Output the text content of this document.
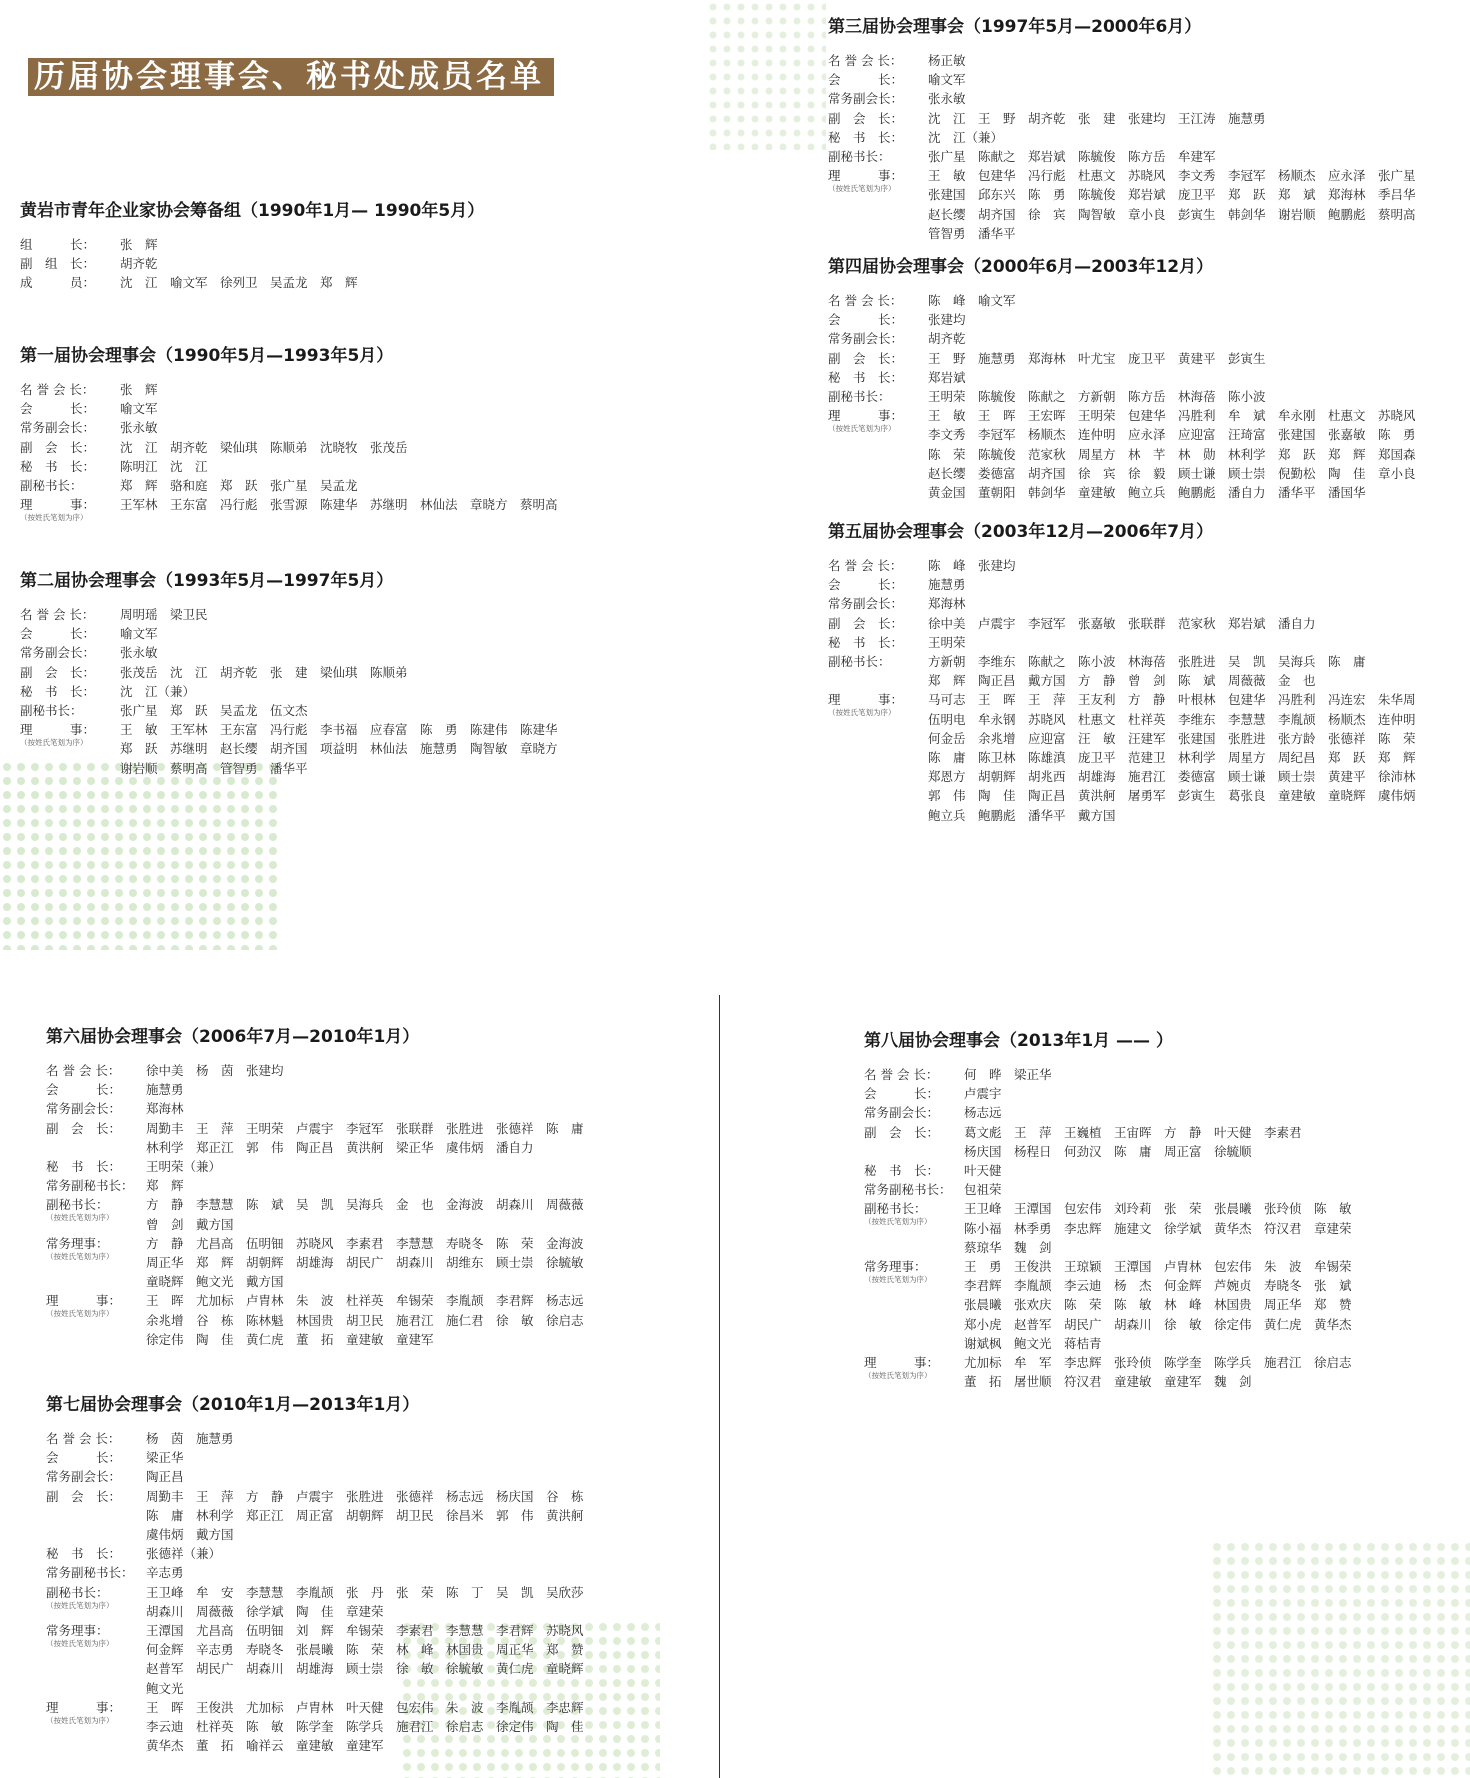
历届协会理事会、秘书处成员名单
黄岩市青年企业家协会筹备组（1990年1月— 1990年5月）
组　　　长：	张　辉
副　组　长：	胡齐乾
成　　　员：	沈　江　喻文军　徐列卫　吴孟龙　郑　辉
第一届协会理事会（1990年5月—1993年5月）
名 誉 会 长：	张　辉
会　　　长：	喻文军
常务副会长：	张永敏
副　会　长：	沈　江　胡齐乾　梁仙琪　陈顺弟　沈晓牧　张茂岳
秘　书　长：	陈明江　沈　江
副秘书长：	郑　辉　骆和庭　郑　跃　张广星　吴孟龙
理　　　事：
（按姓氏笔划为序）
王军林　王东富　冯行彪　张雪源　陈建华　苏继明　林仙法　章晓方　蔡明高
第二届协会理事会（1993年5月—1997年5月）
名 誉 会 长：	周明瑶　梁卫民
会　　　长：	喻文军
常务副会长：	张永敏
副　会　长：	张茂岳　沈　江　胡齐乾　张　建　梁仙琪　陈顺弟
秘　书　长：	沈　江（兼）
副秘书长：	张广星　郑　跃　吴孟龙　伍文杰
理　　　事：
（按姓氏笔划为序）
王　敏　王军林　王东富　冯行彪　李书福　应春富　陈　勇　陈建伟　陈建华
郑　跃　苏继明　赵长缨　胡齐国　项益明　林仙法　施慧勇　陶智敏　章晓方
谢岩顺　蔡明高　管智勇　潘华平
第三届协会理事会（1997年5月—2000年6月）
名 誉 会 长：	杨正敏
会　　　长：	喻文军
常务副会长：	张永敏
副　会　长：	沈　江　王　野　胡齐乾　张　建　张建均　王江涛　施慧勇
秘　书　长：	沈　江（兼）
副秘书长：	张广星　陈献之　郑岩斌　陈毓俊　陈方岳　牟建军
理　　　事：
（按姓氏笔划为序）
王　敏　包建华　冯行彪　杜惠文　苏晓风　李文秀　李冠军　杨顺杰　应永泽　张广星
张建国　邱东兴　陈　勇　陈毓俊　郑岩斌　庞卫平　郑　跃　郑　斌　郑海林　季吕华
赵长缨　胡齐国　徐　宾　陶智敏　章小良　彭寅生　韩剑华　谢岩顺　鲍鹏彪　蔡明高
管智勇　潘华平
第四届协会理事会（2000年6月—2003年12月）
名 誉 会 长：	陈　峰　喻文军
会　　　长：	张建均
常务副会长：	胡齐乾
副　会　长：	王　野　施慧勇　郑海林　叶尤宝　庞卫平　黄建平　彭寅生
秘　书　长：	郑岩斌
副秘书长：	王明荣　陈毓俊　陈献之　方新朝　陈方岳　林海蓓　陈小波
理　　　事：
（按姓氏笔划为序）
王　敏　王　晖　王宏晖　王明荣　包建华　冯胜利　牟　斌　牟永刚　杜惠文　苏晓风
李文秀　李冠军　杨顺杰　连仲明　应永泽　应迎富　汪琦富　张建国　张嘉敏　陈　勇
陈　荣　陈毓俊　范家秋　周星方　林　芊　林　勋　林利学　郑　跃　郑　辉　郑国森
赵长缨　娄德富　胡齐国　徐　宾　徐　毅　顾士谦　顾士崇　倪勤松　陶　佳　章小良
黄金国　董朝阳　韩剑华　童建敏　鲍立兵　鲍鹏彪　潘自力　潘华平　潘国华
第五届协会理事会（2003年12月—2006年7月）
名 誉 会 长：	陈　峰　张建均
会　　　长：	施慧勇
常务副会长：	郑海林
副　会　长：	徐中美　卢震宇　李冠军　张嘉敏　张联群　范家秋　郑岩斌　潘自力
秘　书　长：	王明荣
副秘书长：	方新朝　李维东　陈献之　陈小波　林海蓓　张胜进　吴　凯　吴海兵　陈　庸
郑　辉　陶正昌　戴方国　方　静　曾　剑　陈　斌　周薇薇　金　也
理　　　事：
（按姓氏笔划为序）
马可志　王　晖　王　萍　王友利　方　静　叶根林　包建华　冯胜利　冯连宏　朱华周
伍明电　牟永钢　苏晓风　杜惠文　杜祥英　李维东　李慧慧　李胤颉　杨顺杰　连仲明
何金岳　余兆增　应迎富　汪　敏　汪建军　张建国　张胜进　张方龄　张德祥　陈　荣
陈　庸　陈卫林　陈雄滇　庞卫平　范建卫　林利学　周星方　周纪昌　郑　跃　郑　辉
郑恩方　胡朝辉　胡兆西　胡雄海　施君江　娄德富　顾士谦　顾士崇　黄建平　徐沛林
郭　伟　陶　佳　陶正昌　黄洪舸　屠勇军　彭寅生　葛张良　童建敏　童晓辉　虞伟炳
鲍立兵　鲍鹏彪　潘华平　戴方国
第六届协会理事会（2006年7月—2010年1月）
名 誉 会 长：	徐中美　杨　茵　张建均
会　　　长：	施慧勇
常务副会长：	郑海林
副　会　长：	周勤丰　王　萍　王明荣　卢震宇　李冠军　张联群　张胜进　张德祥　陈　庸
林利学　郑正江　郭　伟　陶正昌　黄洪舸　梁正华　虞伟炳　潘自力
秘　书　长：	王明荣（兼）
常务副秘书长： 郑　辉
副秘书长：
（按姓氏笔划为序）
方　静　李慧慧　陈　斌　吴　凯　吴海兵　金　也　金海波　胡森川　周薇薇
曾　剑　戴方国
常务理事：
（按姓氏笔划为序）
方　静　尤昌高　伍明钿　苏晓风　李素君　李慧慧　寿晓冬　陈　荣　金海波
周正华　郑　辉　胡朝辉　胡雄海　胡民广　胡森川　胡维东　顾士崇　徐毓敏
童晓辉　鲍文光　戴方国
理　　　事：
（按姓氏笔划为序）
王　晖　尤加标　卢胄林　朱　波　杜祥英　牟锡荣　李胤颉　李君辉　杨志远
余兆增　谷　栋　陈林魁　林国贵　胡卫民　施君江　施仁君　徐　敏　徐启志
徐定伟　陶　佳　黄仁虎　董　拓　童建敏　童建军
第七届协会理事会（2010年1月—2013年1月）
名 誉 会 长：	杨　茵　施慧勇
会　　　长：	梁正华
常务副会长：	陶正昌
副　会　长：	周勤丰　王　萍　方　静　卢震宇　张胜进　张德祥　杨志远　杨庆国　谷　栋
陈　庸　林利学　郑正江　周正富　胡朝辉　胡卫民　徐昌米　郭　伟　黄洪舸
虞伟炳　戴方国
秘　书　长：	张德祥（兼）
常务副秘书长： 辛志勇
副秘书长：
（按姓氏笔划为序）
王卫峰　牟　安　李慧慧　李胤颉　张　丹　张　荣　陈　丁　吴　凯　吴欣莎
胡森川　周薇薇　徐学斌　陶　佳　章建荣
常务理事：
（按姓氏笔划为序）
王潭国　尤昌高　伍明钿　刘　辉　牟锡荣　李素君　李慧慧　李君辉　苏晓风
何金辉　辛志勇　寿晓冬　张晨曦　陈　荣　林　峰　林国贵　周正华　郑　赞
赵普军　胡民广　胡森川　胡雄海　顾士崇　徐　敏　徐毓敏　黄仁虎　童晓辉
鲍文光
理　　　事：
（按姓氏笔划为序）
王　晖　王俊洪　尤加标　卢胄林　叶天健　包宏伟　朱　波　李胤颉　李忠辉
李云迪　杜祥英　陈　敏　陈学奎　陈学兵　施君江　徐启志　徐定伟　陶　佳
黄华杰　董　拓　喻祥云　童建敏　童建军
第八届协会理事会（2013年1月 —— ）
名 誉 会 长：	何　晔　梁正华
会　　　长：	卢震宇
常务副会长：	杨志远
副　会　长：	葛文彪　王　萍　王巍植　王宙晖　方　静　叶天健　李素君
杨庆国　杨程日　何劲汉　陈　庸　周正富　徐毓顺
秘　书　长：	叶天健
常务副秘书长： 包祖荣
副秘书长：
（按姓氏笔划为序）
王卫峰　王潭国　包宏伟　刘玲莉　张　荣　张晨曦　张玲侦　陈　敏
陈小福　林季勇　李忠辉　施建文　徐学斌　黄华杰　符汉君　章建荣
蔡琼华　魏　剑
常务理事：
（按姓氏笔划为序）
王　勇　王俊洪　王琼颖　王潭国　卢胄林　包宏伟　朱　波　牟锡荣
李君辉　李胤颉　李云迪　杨　杰　何金辉　芦婉贞　寿晓冬　张　斌
张晨曦　张欢庆　陈　荣　陈　敏　林　峰　林国贵　周正华　郑　赞
郑小虎　赵普军　胡民广　胡森川　徐　敏　徐定伟　黄仁虎　黄华杰
谢斌枫　鲍文光　蒋桔青
理　　　事：
（按姓氏笔划为序）
尤加标　牟　军　李忠辉　张玲侦　陈学奎　陈学兵　施君江　徐启志
董　拓　屠世顺　符汉君　童建敏　童建军　魏　剑
